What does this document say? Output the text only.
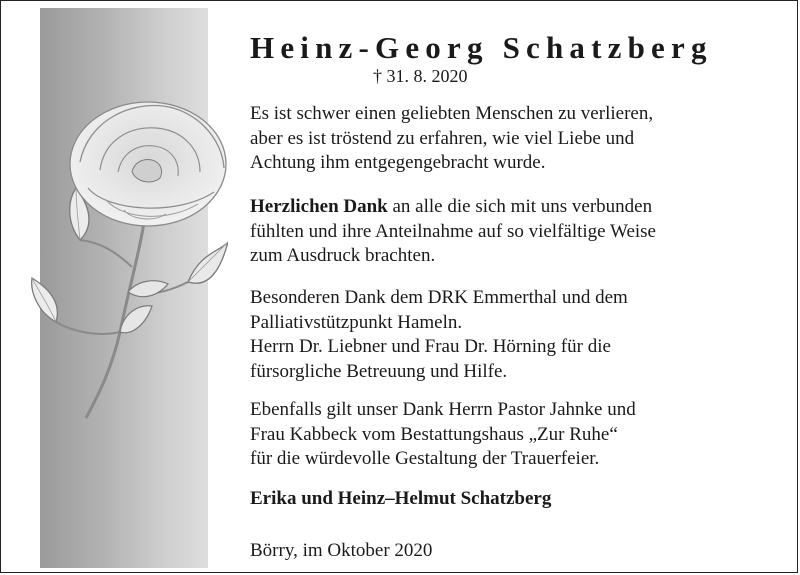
Heinz-Georg Schatzberg
† 31. 8. 2020
Es ist schwer einen geliebten Menschen zu verlieren,
aber es ist tröstend zu erfahren, wie viel Liebe und
Achtung ihm entgegengebracht wurde.
Herzlichen Dank an alle die sich mit uns verbunden
fühlten und ihre Anteilnahme auf so vielfältige Weise
zum Ausdruck brachten.
Besonderen Dank dem DRK Emmerthal und dem
Palliativstützpunkt Hameln.
Herrn Dr. Liebner und Frau Dr. Hörning für die
fürsorgliche Betreuung und Hilfe.
Ebenfalls gilt unser Dank Herrn Pastor Jahnke und
Frau Kabbeck vom Bestattungshaus „Zur Ruhe“
für die würdevolle Gestaltung der Trauerfeier.
Erika und Heinz–Helmut Schatzberg
Börry, im Oktober 2020
